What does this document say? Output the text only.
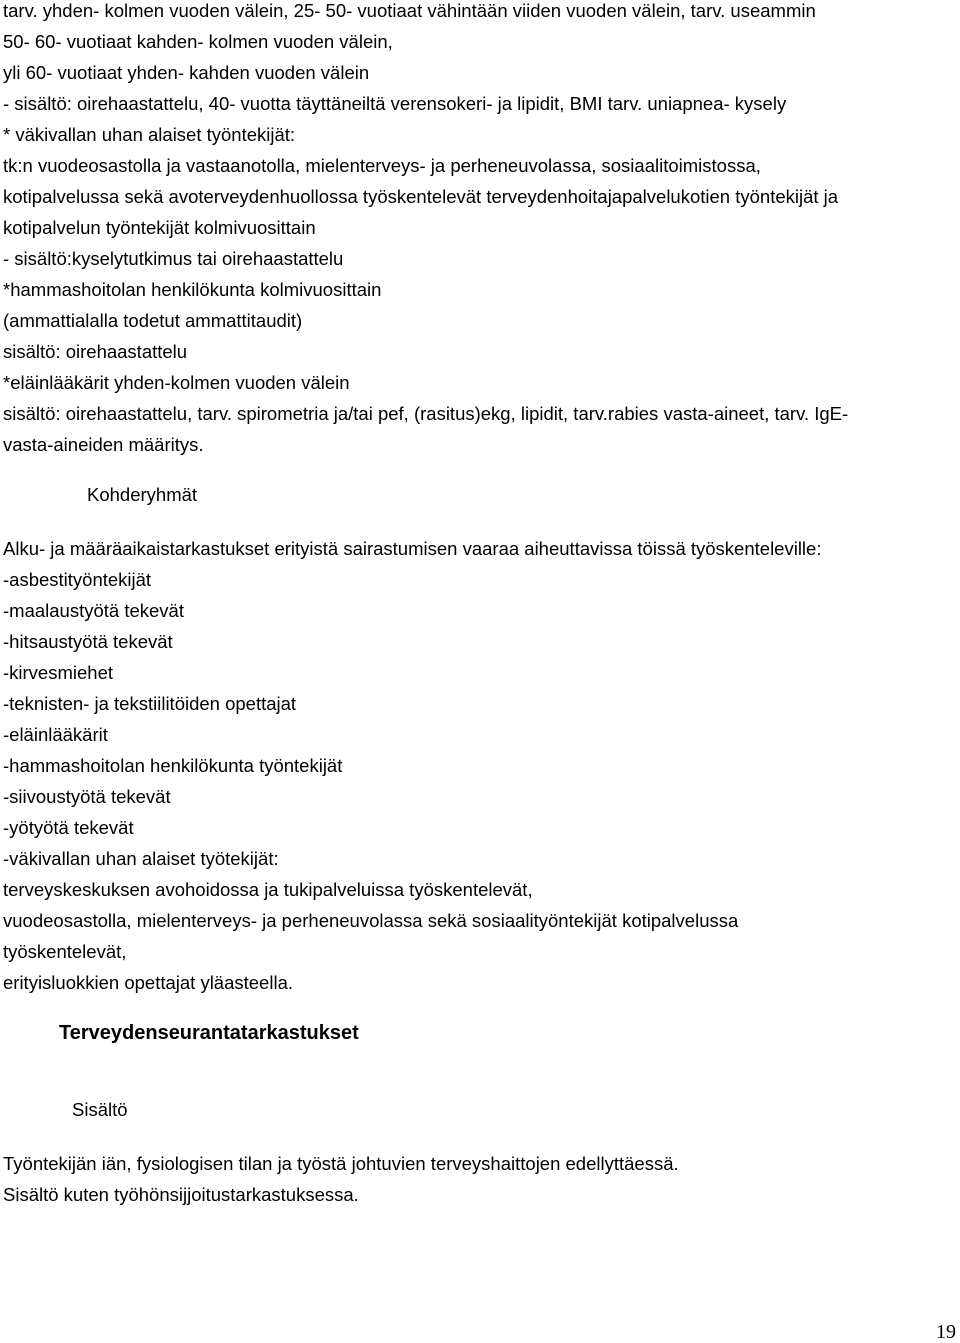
tarv. yhden- kolmen vuoden välein, 25- 50- vuotiaat vähintään viiden vuoden välein, tarv. useammin
50- 60- vuotiaat kahden- kolmen vuoden välein,
yli 60- vuotiaat yhden- kahden vuoden välein
- sisältö: oirehaastattelu, 40- vuotta täyttäneiltä verensokeri- ja lipidit, BMI tarv. uniapnea- kysely
* väkivallan uhan alaiset työntekijät:
tk:n vuodeosastolla ja vastaanotolla, mielenterveys- ja perheneuvolassa, sosiaalitoimistossa,
kotipalvelussa sekä avoterveydenhuollossa työskentelevät terveydenhoitajapalvelukotien työntekijät ja
kotipalvelun työntekijät kolmivuosittain
- sisältö:kyselytutkimus tai oirehaastattelu
*hammashoitolan henkilökunta kolmivuosittain
(ammattialalla todetut ammattitaudit)
sisältö: oirehaastattelu
*eläinlääkärit yhden-kolmen vuoden välein
sisältö: oirehaastattelu, tarv. spirometria ja/tai pef, (rasitus)ekg, lipidit, tarv.rabies vasta-aineet, tarv. IgE-
vasta-aineiden määritys.
Kohderyhmät
Alku- ja määräaikaistarkastukset erityistä sairastumisen vaaraa aiheuttavissa töissä työskenteleville:
-asbestityöntekijät
-maalaustyötä tekevät
-hitsaustyötä tekevät
-kirvesmiehet
-teknisten- ja tekstiilitöiden opettajat
-eläinlääkärit
-hammashoitolan henkilökunta työntekijät
-siivoustyötä tekevät
-yötyötä tekevät
-väkivallan uhan alaiset työtekijät:
terveyskeskuksen avohoidossa ja tukipalveluissa työskentelevät,
vuodeosastolla, mielenterveys- ja perheneuvolassa sekä sosiaalityöntekijät kotipalvelussa
työskentelevät,
erityisluokkien opettajat yläasteella.
Terveydenseurantatarkastukset
Sisältö
Työntekijän iän, fysiologisen tilan ja työstä johtuvien terveyshaittojen edellyttäessä.
Sisältö kuten työhönsijjoitustarkastuksessa.
19
